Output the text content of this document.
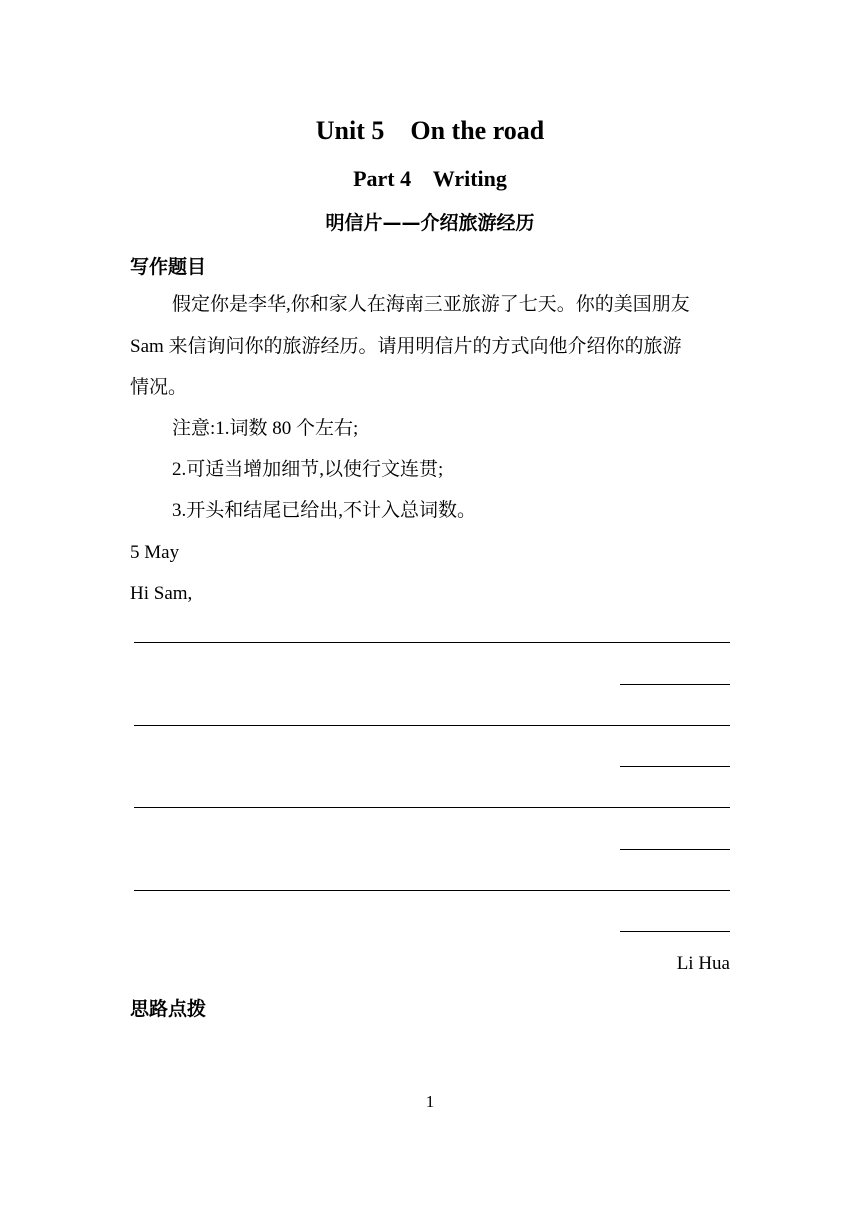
Unit 5    On the road
Part 4    Writing
明信片——介绍旅游经历
写作题目
假定你是李华,你和家人在海南三亚旅游了七天。你的美国朋友
Sam 来信询问你的旅游经历。请用明信片的方式向他介绍你的旅游
情况。
注意:1.词数 80 个左右;
2.可适当增加细节,以使行文连贯;
3.开头和结尾已给出,不计入总词数。
5 May
Hi Sam,
Li Hua
思路点拨
1
